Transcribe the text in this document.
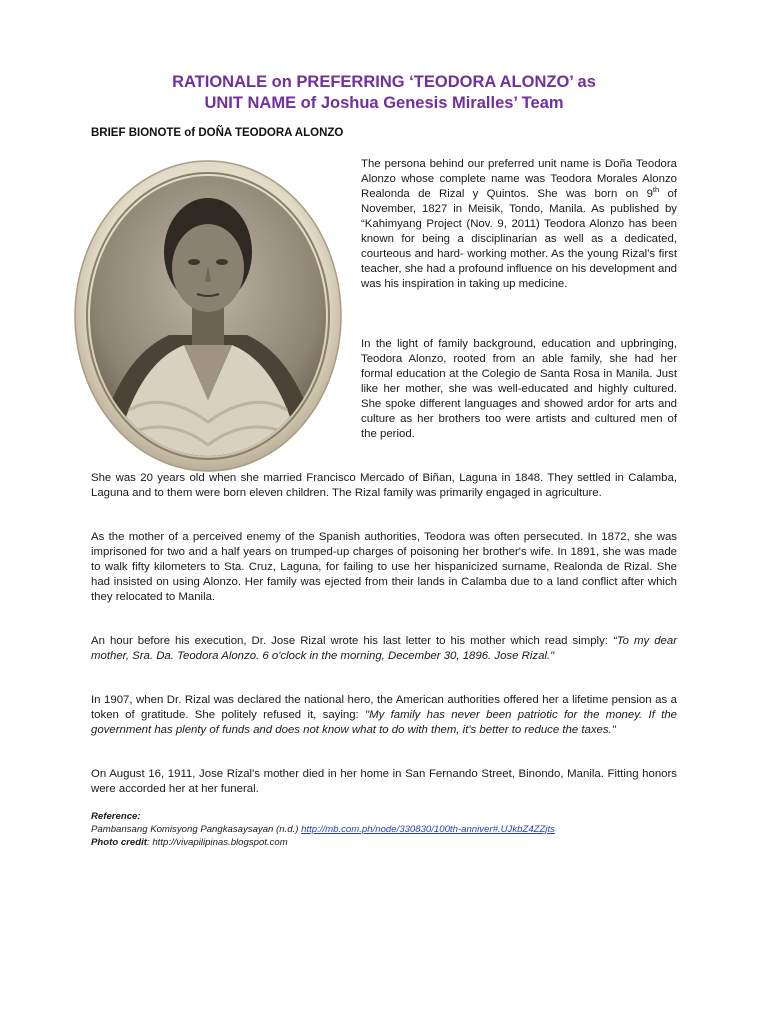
RATIONALE on PREFERRING ‘TEODORA ALONZO’ as
UNIT NAME of Joshua Genesis Miralles’ Team
BRIEF BIONOTE of DOÑA TEODORA ALONZO

The persona behind our preferred unit name is Doña Teodora Alonzo whose complete name was Teodora Morales Alonzo Realonda de Rizal y Quintos. She was born on 9th of November, 1827 in Meisik, Tondo, Manila. As published by “Kahimyang Project (Nov. 9, 2011) Teodora Alonzo has been known for being a disciplinarian as well as a dedicated, courteous and hard- working mother. As the young Rizal's first teacher, she had a profound influence on his development and was his inspiration in taking up medicine.

In the light of family background, education and upbringing, Teodora Alonzo, rooted from an able family, she had her formal education at the Colegio de Santa Rosa in Manila. Just like her mother, she was well-educated and highly cultured. She spoke different languages and showed ardor for arts and culture as her brothers too were artists and cultured men of the period.

She was 20 years old when she married Francisco Mercado of Biñan, Laguna in 1848. They settled in Calamba, Laguna and to them were born eleven children. The Rizal family was primarily engaged in agriculture.

As the mother of a perceived enemy of the Spanish authorities, Teodora was often persecuted. In 1872, she was imprisoned for two and a half years on trumped-up charges of poisoning her brother's wife. In 1891, she was made to walk fifty kilometers to Sta. Cruz, Laguna, for failing to use her hispanicized surname, Realonda de Rizal. She had insisted on using Alonzo. Her family was ejected from their lands in Calamba due to a land conflict after which they relocated to Manila.

An hour before his execution, Dr. Jose Rizal wrote his last letter to his mother which read simply: “To my dear mother, Sra. Da. Teodora Alonzo. 6 o'clock in the morning, December 30, 1896. Jose Rizal."

In 1907, when Dr. Rizal was declared the national hero, the American authorities offered her a lifetime pension as a token of gratitude. She politely refused it, saying: "My family has never been patriotic for the money. If the government has plenty of funds and does not know what to do with them, it's better to reduce the taxes."

On August 16, 1911, Jose Rizal's mother died in her home in San Fernando Street, Binondo, Manila. Fitting honors were accorded her at her funeral.

Reference:
Pambansang Komisyong Pangkasaysayan (n.d.) http://mb.com.ph/node/330830/100th-anniver#.UJkbZ4ZZjts
Photo credit: http://vivapilipinas.blogspot.com
